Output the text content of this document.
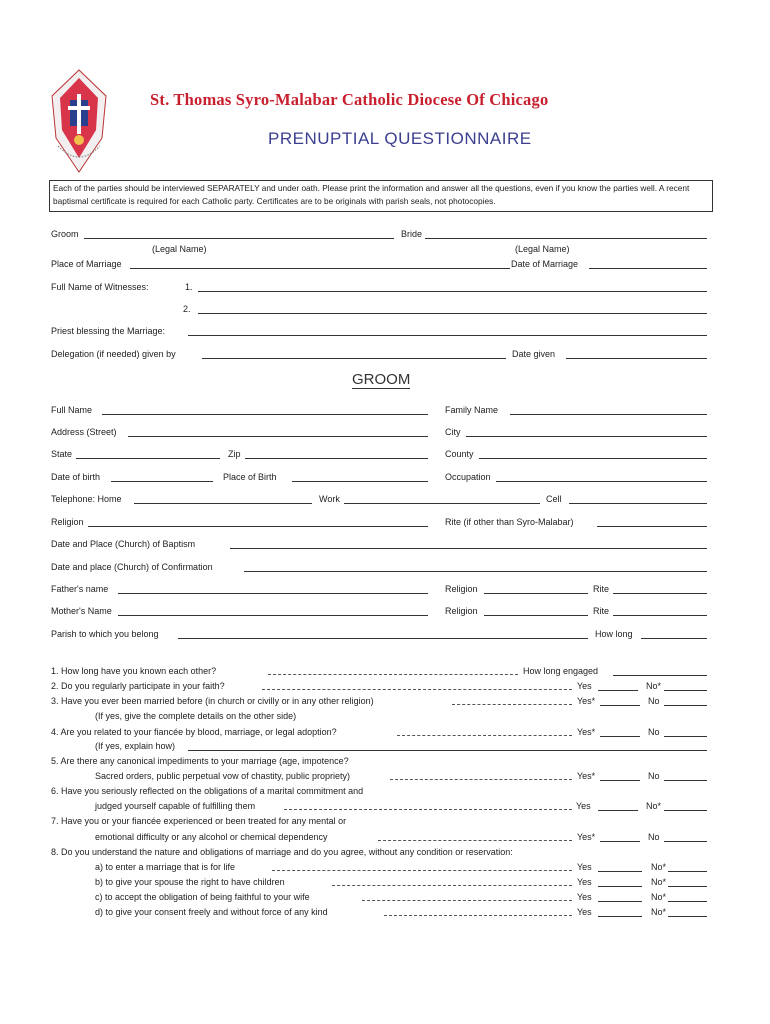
St. Thomas Syro-Malabar Catholic Diocese Of Chicago
PRENUPTIAL QUESTIONNAIRE
Each of the parties should be interviewed SEPARATELY and under oath. Please print the information and answer all the questions, even if you know the parties well. A recent baptismal certificate is required for each Catholic party. Certificates are to be originals with parish seals, not photocopies.
Groom	Bride
(Legal Name)	(Legal Name)
Place of Marriage	Date of Marriage
Full Name of Witnesses:	1.
2.
Priest blessing the Marriage:
Delegation (if needed) given by	Date given
GROOM
Full Name	Family Name
Address (Street)	City
State	Zip	County
Date of birth	Place of Birth	Occupation
Telephone: Home	Work	Cell
Religion	Rite (if other than Syro-Malabar)
Date and Place (Church) of Baptism
Date and place (Church) of Confirmation
Father's name	Religion	Rite
Mother's Name	Religion	Rite
Parish to which you belong	How long
1. How long have you known each other?	How long engaged
2. Do you regularly participate in your faith?	Yes	No*
3. Have you ever been married before (in church or civilly or in any other religion)	Yes*	No
(If yes, give the complete details on the other side)
4. Are you related to your fiancée by blood, marriage, or legal adoption?	Yes*	No
(If yes, explain how)
5. Are there any canonical impediments to your marriage (age, impotence?
Sacred orders, public perpetual vow of chastity, public propriety)	Yes*	No
6. Have you seriously reflected on the obligations of a marital commitment and
judged yourself capable of fulfilling them	Yes	No*
7. Have you or your fiancée experienced or been treated for any mental or
emotional difficulty or any alcohol or chemical dependency	Yes*	No
8. Do you understand the nature and obligations of marriage and do you agree, without any condition or reservation:
a) to enter a marriage that is for life	Yes	No*
b) to give your spouse the right to have children	Yes	No*
c) to accept the obligation of being faithful to your wife	Yes	No*
d) to give your consent freely and without force of any kind	Yes	No*
